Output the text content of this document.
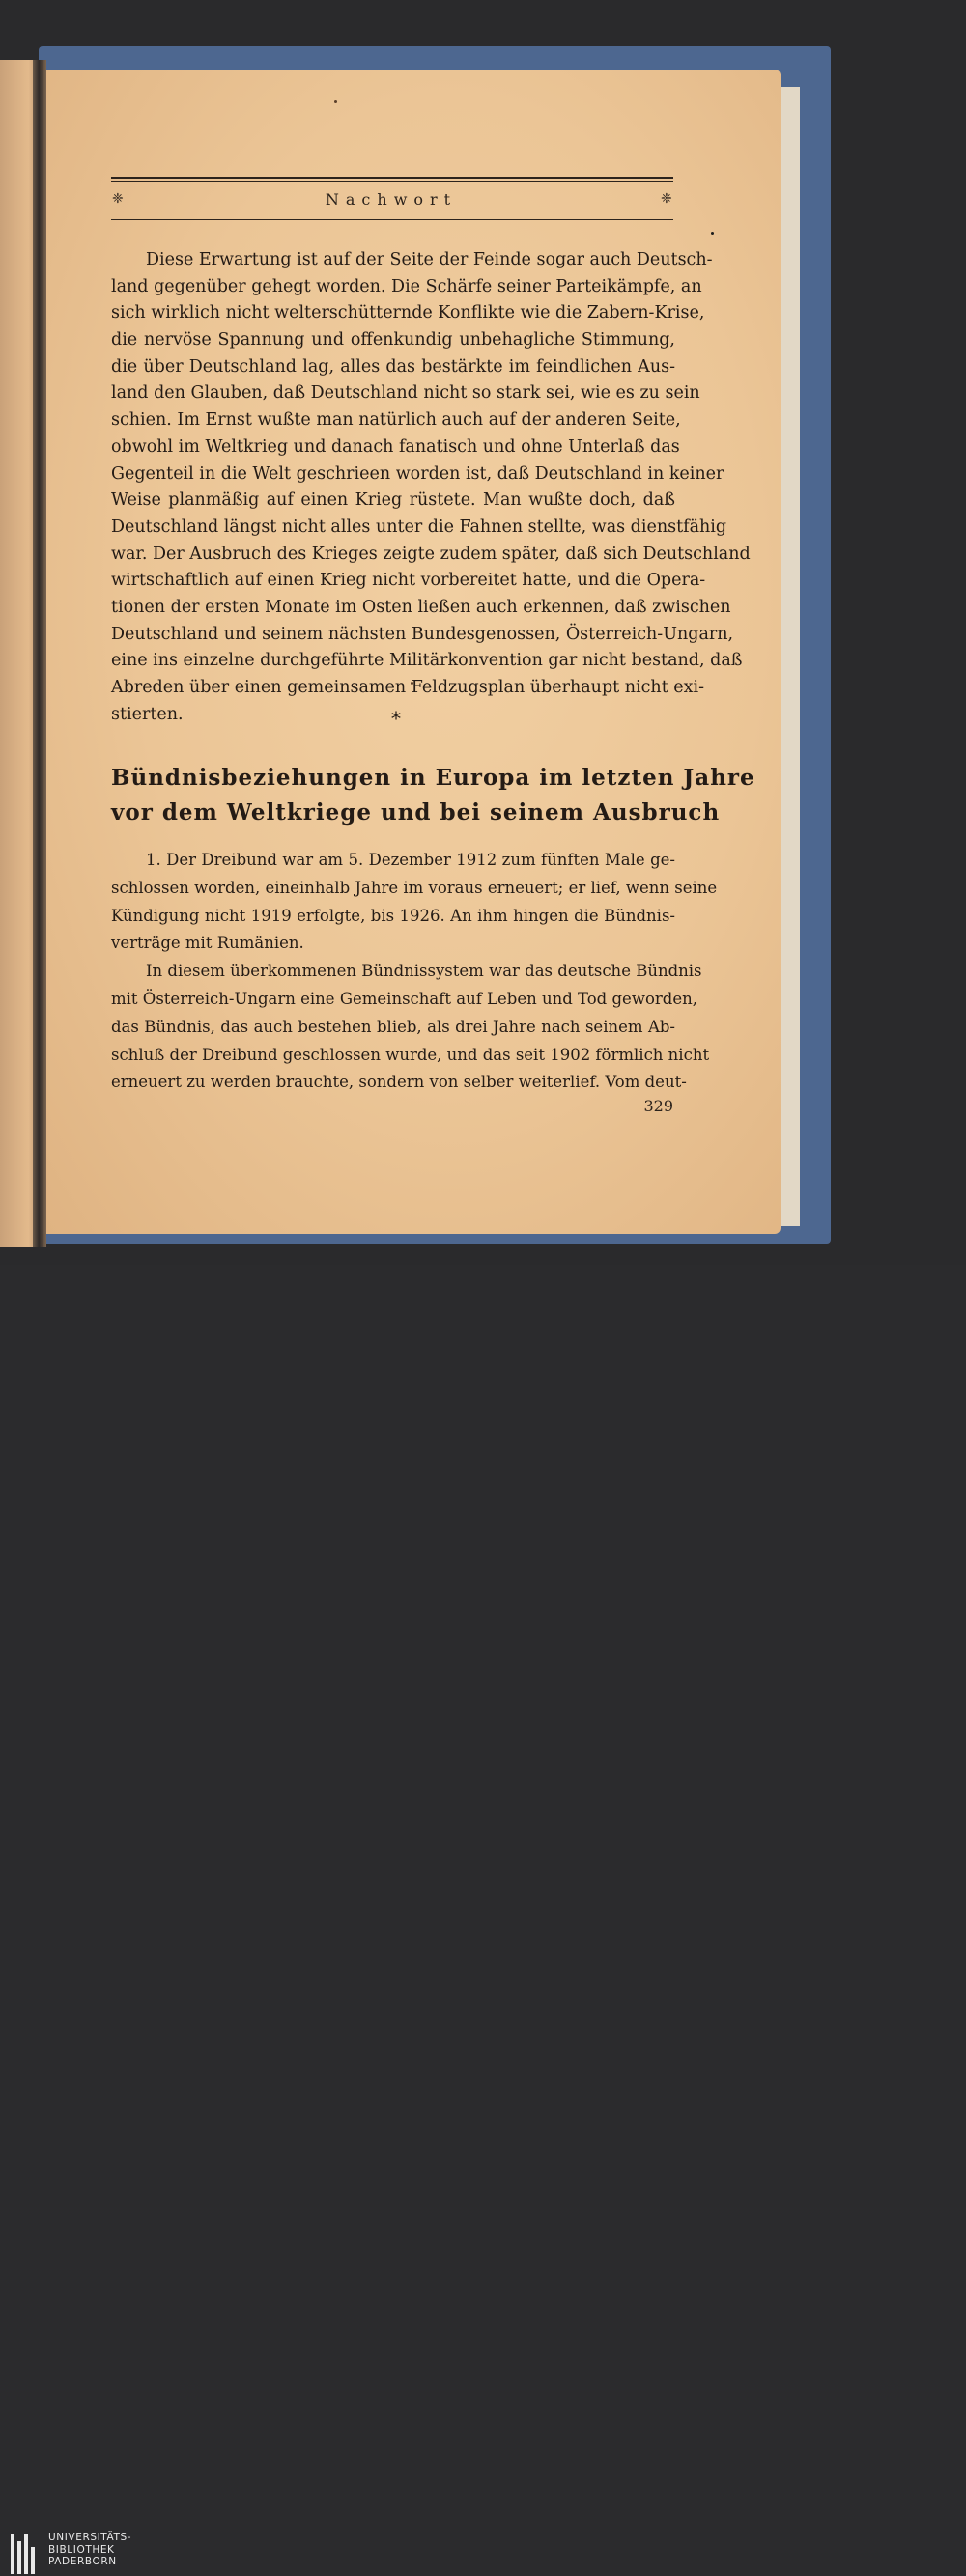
❈	Nachwort	❈
Diese Erwartung ist auf der Seite der Feinde sogar auch Deutsch-
land gegenüber gehegt worden. Die Schärfe seiner Parteikämpfe, an
sich wirklich nicht welterschütternde Konflikte wie die Zabern-Krise,
die nervöse Spannung und offenkundig unbehagliche Stimmung,
die über Deutschland lag, alles das bestärkte im feindlichen Aus-
land den Glauben, daß Deutschland nicht so stark sei, wie es zu sein
schien. Im Ernst wußte man natürlich auch auf der anderen Seite,
obwohl im Weltkrieg und danach fanatisch und ohne Unterlaß das
Gegenteil in die Welt geschrieen worden ist, daß Deutschland in keiner
Weise planmäßig auf einen Krieg rüstete. Man wußte doch, daß
Deutschland längst nicht alles unter die Fahnen stellte, was dienstfähig
war. Der Ausbruch des Krieges zeigte zudem später, daß sich Deutschland
wirtschaftlich auf einen Krieg nicht vorbereitet hatte, und die Opera-
tionen der ersten Monate im Osten ließen auch erkennen, daß zwischen
Deutschland und seinem nächsten Bundesgenossen, Österreich-Ungarn,
eine ins einzelne durchgeführte Militärkonvention gar nicht bestand, daß
Abreden über einen gemeinsamen Feldzugsplan überhaupt nicht exi-
stierten.	*
Bündnisbeziehungen in Europa im letzten Jahre
vor dem Weltkriege und bei seinem Ausbruch
1. Der Dreibund war am 5. Dezember 1912 zum fünften Male ge-
schlossen worden, eineinhalb Jahre im voraus erneuert; er lief, wenn seine
Kündigung nicht 1919 erfolgte, bis 1926. An ihm hingen die Bündnis-
verträge mit Rumänien.
In diesem überkommenen Bündnissystem war das deutsche Bündnis
mit Österreich-Ungarn eine Gemeinschaft auf Leben und Tod geworden,
das Bündnis, das auch bestehen blieb, als drei Jahre nach seinem Ab-
schluß der Dreibund geschlossen wurde, und das seit 1902 förmlich nicht
erneuert zu werden brauchte, sondern von selber weiterlief. Vom deut-
329
UNIVERSITÄTS-
BIBLIOTHEK
PADERBORN
